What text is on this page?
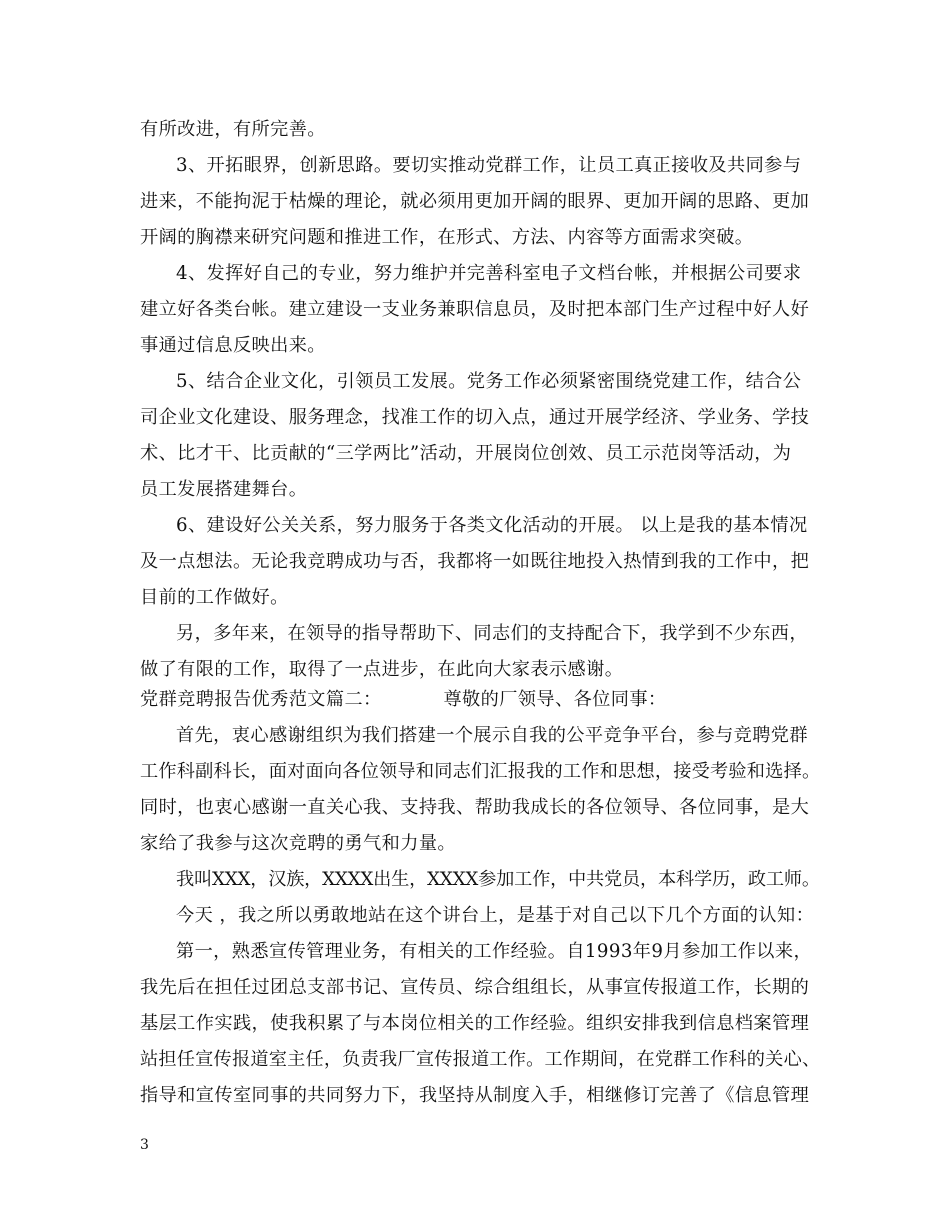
有所改进，有所完善。
3、开拓眼界，创新思路。要切实推动党群工作，让员工真正接收及共同参与
进来，不能拘泥于枯燥的理论，就必须用更加开阔的眼界、更加开阔的思路、更加
开阔的胸襟来研究问题和推进工作，在形式、方法、内容等方面需求突破。
4、发挥好自己的专业，努力维护并完善科室电子文档台帐，并根据公司要求
建立好各类台帐。建立建设一支业务兼职信息员，及时把本部门生产过程中好人好
事通过信息反映出来。
5、结合企业文化，引领员工发展。党务工作必须紧密围绕党建工作，结合公
司企业文化建设、服务理念，找准工作的切入点，通过开展学经济、学业务、学技
术、比才干、比贡献的“三学两比”活动，开展岗位创效、员工示范岗等活动，为
员工发展搭建舞台。
6、建设好公关关系，努力服务于各类文化活动的开展。 以上是我的基本情况
及一点想法。无论我竞聘成功与否，我都将一如既往地投入热情到我的工作中，把
目前的工作做好。
另，多年来，在领导的指导帮助下、同志们的支持配合下，我学到不少东西，
做了有限的工作，取得了一点进步，在此向大家表示感谢。
党群竞聘报告优秀范文篇二：          尊敬的厂领导、各位同事：
首先，衷心感谢组织为我们搭建一个展示自我的公平竞争平台，参与竞聘党群
工作科副科长，面对面向各位领导和同志们汇报我的工作和思想，接受考验和选择。
同时，也衷心感谢一直关心我、支持我、帮助我成长的各位领导、各位同事，是大
家给了我参与这次竞聘的勇气和力量。
我叫XXX，汉族，XXXX出生，XXXX参加工作，中共党员，本科学历，政工师。
今天 ，我之所以勇敢地站在这个讲台上，是基于对自己以下几个方面的认知：
第一，熟悉宣传管理业务，有相关的工作经验。自1993年9月参加工作以来，
我先后在担任过团总支部书记、宣传员、综合组组长，从事宣传报道工作，长期的
基层工作实践，使我积累了与本岗位相关的工作经验。组织安排我到信息档案管理
站担任宣传报道室主任，负责我厂宣传报道工作。工作期间，在党群工作科的关心、
指导和宣传室同事的共同努力下，我坚持从制度入手，相继修订完善了《信息管理
3
